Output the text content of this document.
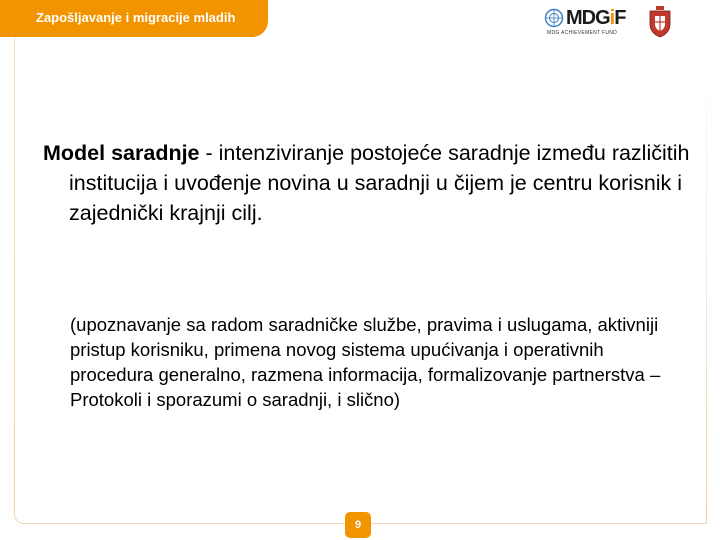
Zapošljavanje i migracije mladih	MDGiF
MDG ACHIEVEMENT FUND

Model saradnje - intenziviranje postojeće saradnje između različitih institucija i uvođenje novina u saradnji u čijem je centru korisnik i zajednički krajnji cilj.

(upoznavanje sa radom saradničke službe, pravima i uslugama, aktivniji pristup korisniku, primena novog sistema upućivanja i operativnih procedura generalno, razmena informacija, formalizovanje partnerstva – Protokoli i sporazumi o saradnji, i slično)

9
